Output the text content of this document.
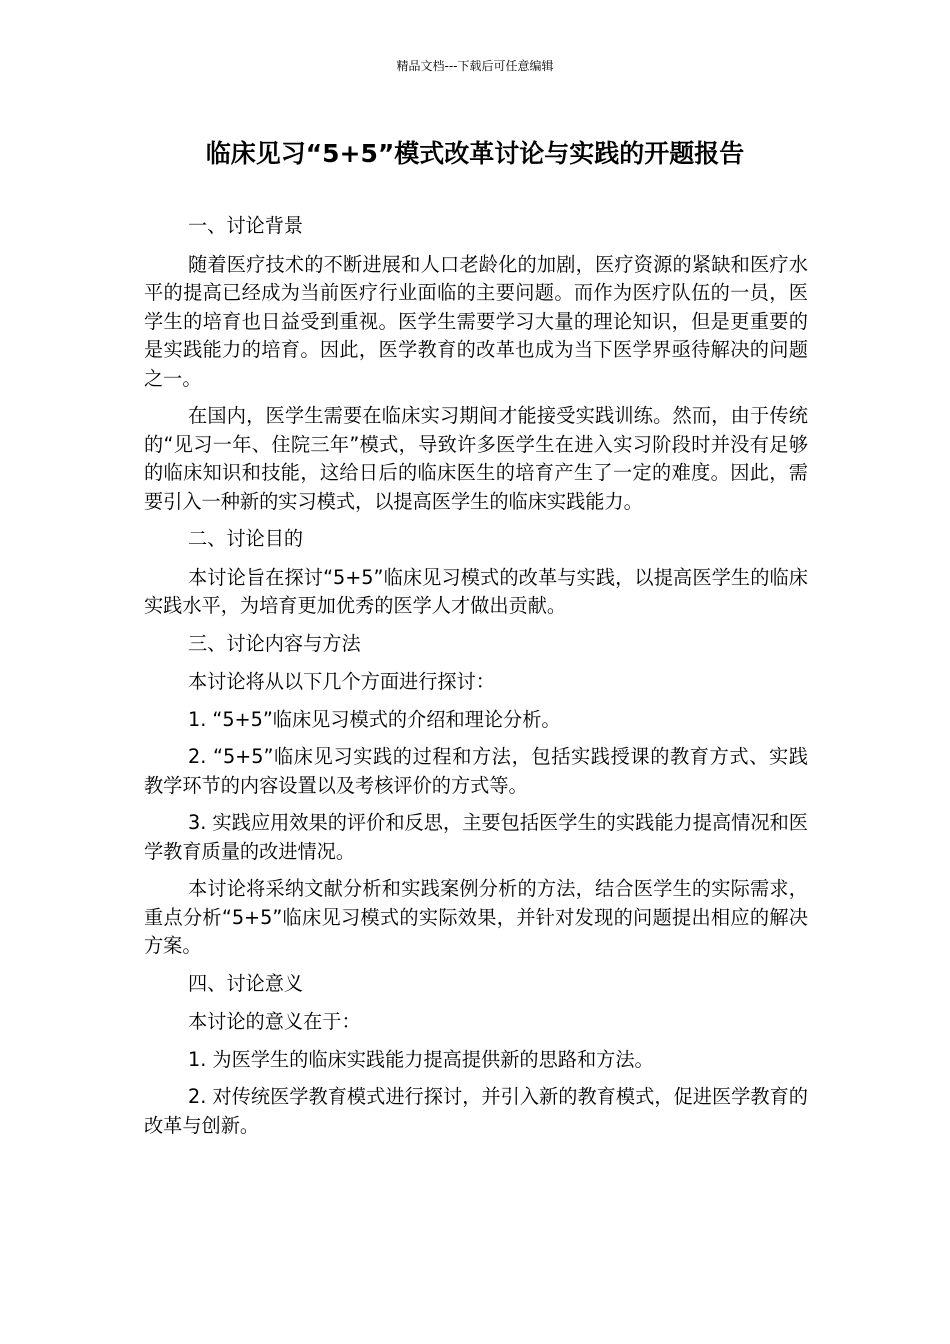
精品文档---下载后可任意编辑
临床见习“5+5”模式改革讨论与实践的开题报告

一、讨论背景

随着医疗技术的不断进展和人口老龄化的加剧，医疗资源的紧缺和医疗水平的提高已经成为当前医疗行业面临的主要问题。而作为医疗队伍的一员，医学生的培育也日益受到重视。医学生需要学习大量的理论知识，但是更重要的是实践能力的培育。因此，医学教育的改革也成为当下医学界亟待解决的问题之一。

在国内，医学生需要在临床实习期间才能接受实践训练。然而，由于传统的“见习一年、住院三年”模式，导致许多医学生在进入实习阶段时并没有足够的临床知识和技能，这给日后的临床医生的培育产生了一定的难度。因此，需要引入一种新的实习模式，以提高医学生的临床实践能力。

二、讨论目的

本讨论旨在探讨“5+5”临床见习模式的改革与实践，以提高医学生的临床实践水平，为培育更加优秀的医学人才做出贡献。

三、讨论内容与方法

本讨论将从以下几个方面进行探讨：

1. “5+5”临床见习模式的介绍和理论分析。

2. “5+5”临床见习实践的过程和方法，包括实践授课的教育方式、实践教学环节的内容设置以及考核评价的方式等。

3. 实践应用效果的评价和反思，主要包括医学生的实践能力提高情况和医学教育质量的改进情况。

本讨论将采纳文献分析和实践案例分析的方法，结合医学生的实际需求，重点分析“5+5”临床见习模式的实际效果，并针对发现的问题提出相应的解决方案。

四、讨论意义

本讨论的意义在于：

1. 为医学生的临床实践能力提高提供新的思路和方法。

2. 对传统医学教育模式进行探讨，并引入新的教育模式，促进医学教育的改革与创新。
